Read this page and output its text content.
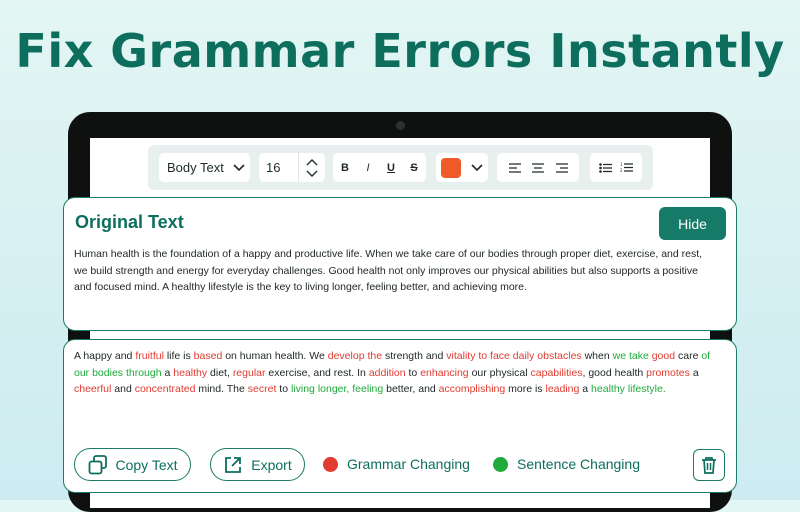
Fix Grammar Errors Instantly
Body Text	16	B	I	U	S	1
2
Original Text	Hide
Human health is the foundation of a happy and productive life. When we take care of our bodies through proper diet, exercise, and rest, we build strength and energy for everyday challenges. Good health not only improves our physical abilities but also supports a positive and focused mind. A healthy lifestyle is the key to living longer, feeling better, and achieving more.
A happy and fruitful life is based on human health. We develop the strength and vitality to face daily obstacles when we take good care of our bodies through a healthy diet, regular exercise, and rest. In addition to enhancing our physical capabilities, good health promotes a cheerful and concentrated mind. The secret to living longer, feeling better, and accomplishing more is leading a healthy lifestyle.
Copy Text	Export	Grammar Changing	Sentence Changing
